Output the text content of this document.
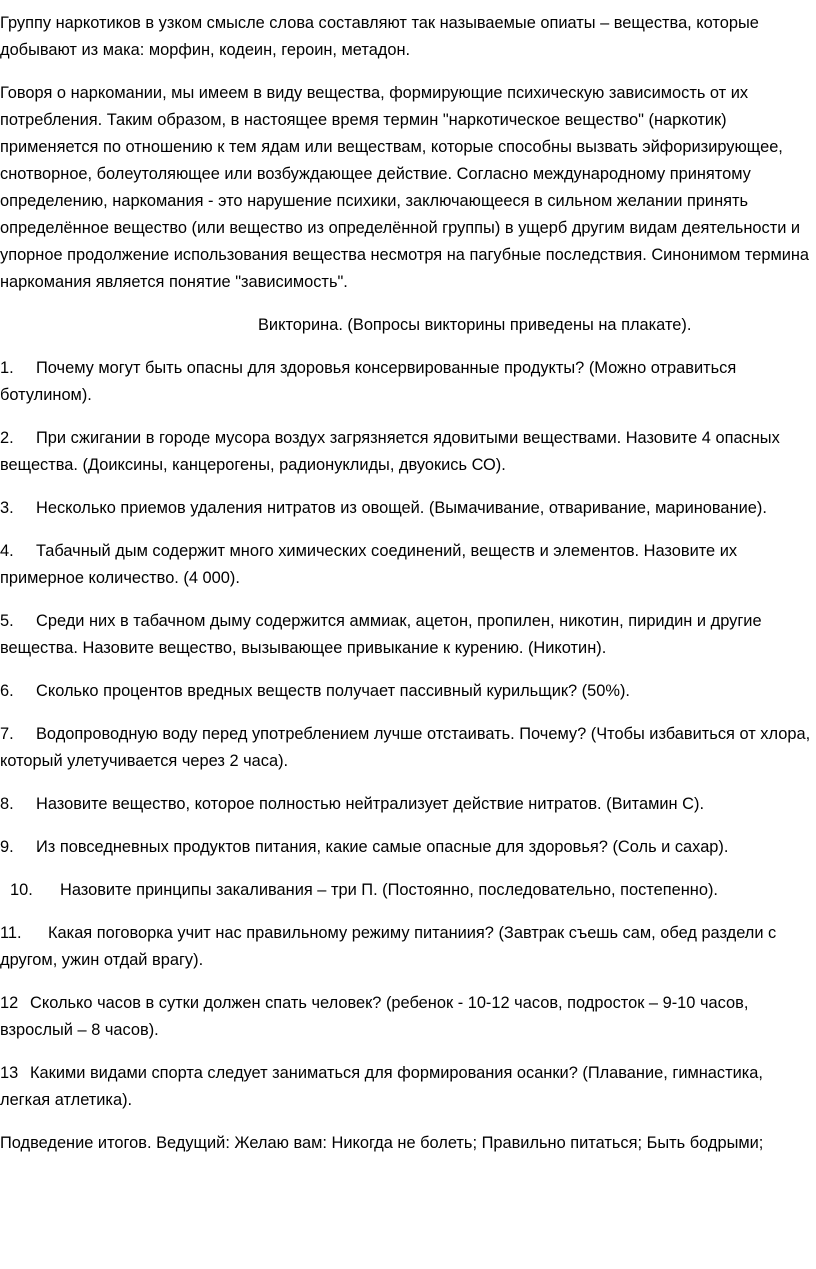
Группу наркотиков в узком смысле слова составляют так называемые опиаты – вещества, которые добывают из мака: морфин, кодеин, героин, метадон.

Говоря о наркомании, мы имеем в виду вещества, формирующие психическую зависимость от их потребления. Таким образом, в настоящее время термин "наркотическое вещество" (наркотик) применяется по отношению к тем ядам или веществам, которые способны вызвать эйфоризирующее, снотворное, болеутоляющее или возбуждающее действие. Согласно международному принятому определению, наркомания - это нарушение психики, заключающееся в сильном желании принять определённое вещество (или вещество из определённой группы) в ущерб другим видам деятельности и упорное продолжение использования вещества несмотря на пагубные последствия. Синонимом термина наркомания является понятие "зависимость".

Викторина. (Вопросы викторины приведены на плакате).

1. Почему могут быть опасны для здоровья консервированные продукты? (Можно отравиться ботулином).

2. При сжигании в городе мусора воздух загрязняется ядовитыми веществами. Назовите 4 опасных вещества. (Доиксины, канцерогены, радионуклиды, двуокись СО).

3. Несколько приемов удаления нитратов из овощей. (Вымачивание, отваривание, маринование).

4. Табачный дым содержит много химических соединений, веществ и элементов. Назовите их примерное количество. (4 000).

5. Среди них в табачном дыму содержится аммиак, ацетон, пропилен, никотин, пиридин и другие вещества. Назовите вещество, вызывающее привыкание к курению. (Никотин).

6. Сколько процентов вредных веществ получает пассивный курильщик? (50%).

7. Водопроводную воду перед употреблением лучше отстаивать. Почему? (Чтобы избавиться от хлора, который улетучивается через 2 часа).

8. Назовите вещество, которое полностью нейтрализует действие нитратов. (Витамин С).

9. Из повседневных продуктов питания, какие самые опасные для здоровья? (Соль и сахар).

10. Назовите принципы закаливания – три П. (Постоянно, последовательно, постепенно).

11. Какая поговорка учит нас правильному режиму питаниия? (Завтрак съешь сам, обед раздели с другом, ужин отдай врагу).

12 Сколько часов в сутки должен спать человек? (ребенок - 10-12 часов, подросток – 9-10 часов, взрослый – 8 часов).

13 Какими видами спорта следует заниматься для формирования осанки? (Плавание, гимнастика, легкая атлетика).

Подведение итогов. Ведущий: Желаю вам: Никогда не болеть; Правильно питаться; Быть бодрыми;
